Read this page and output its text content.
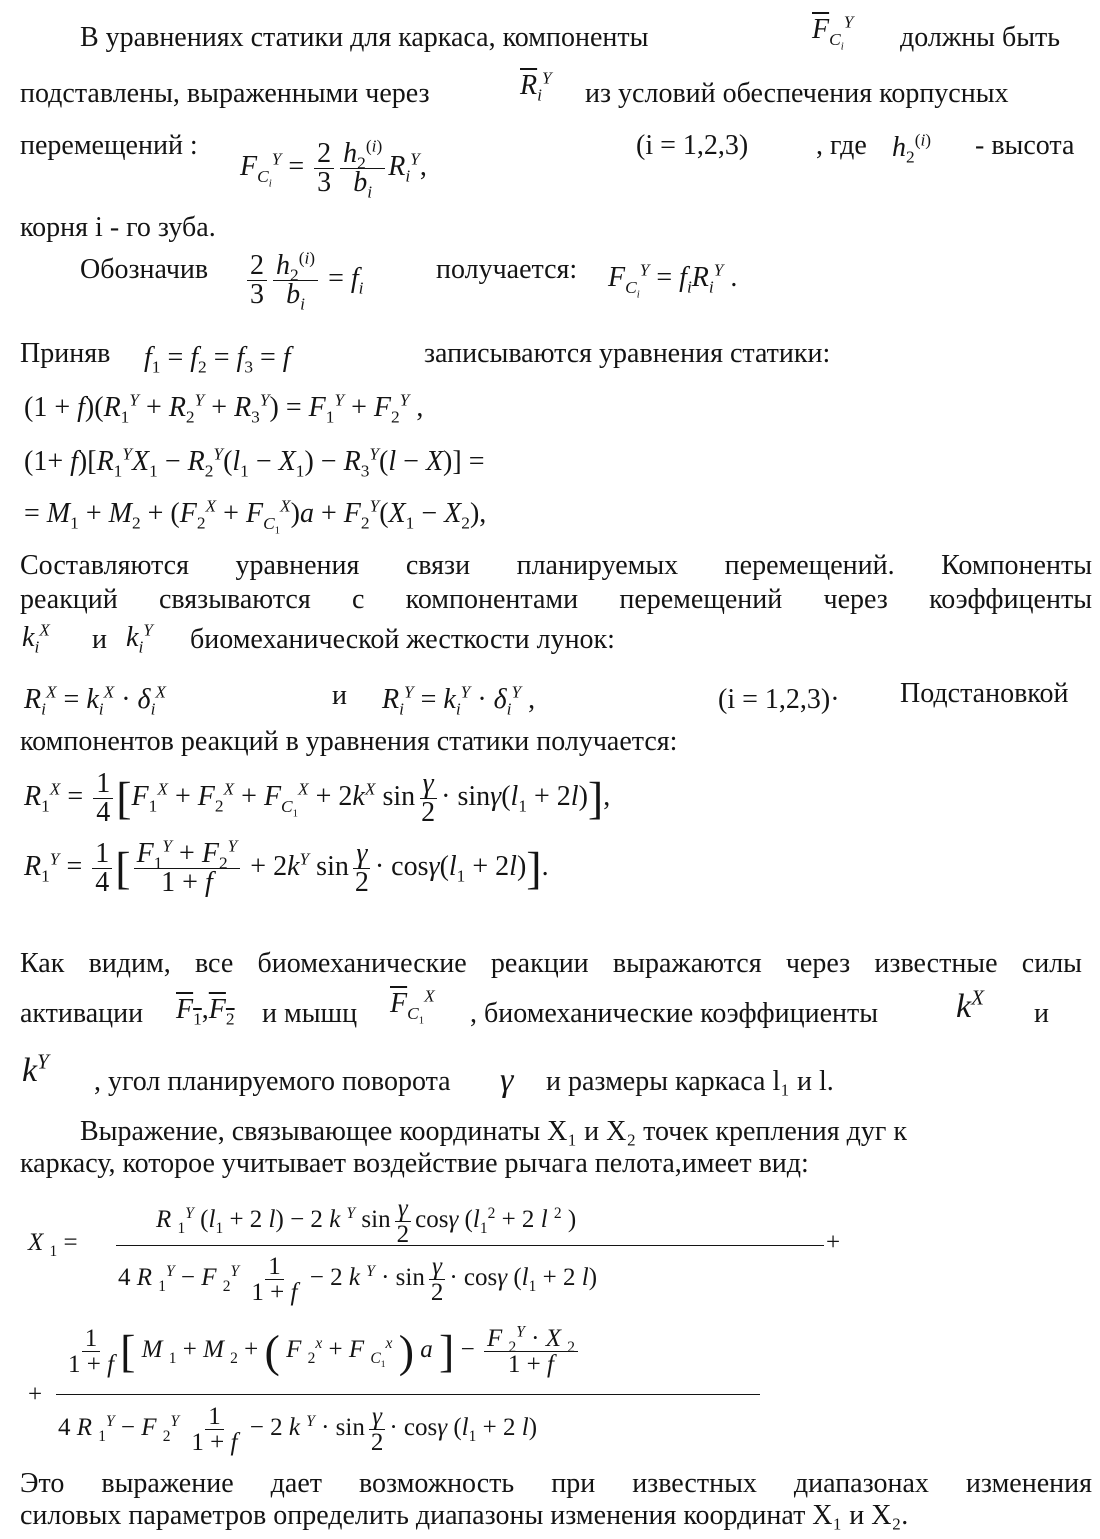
В уравнениях статики для каркаса, компоненты	$\overline{F}_{C_i}^Y$ должны быть
подставлены, выраженными через	$\overline{R}_i^Y$ из условий обеспечения корпусных
перемещений :
$F_{C_i}^Y = \frac{2}{3} \frac{h_2^{(i)}}{b_i} R_i^Y$,
(i = 1,2,3) , где $h_2^{(i)}$ - высота
корня i - го зуба.
Обозначив $\frac{2}{3} \frac{h_2^{(i)}}{b_i} = f_i$
получается: $F_{C_i}^Y = f_iR_i^Y$ .
Приняв $f_1 = f_2 = f_3 = f$	записываются уравнения статики:
$(1 + f)(R_1^Y + R_2^Y + R_3^Y) = F_1^Y + F_2^Y$ ,
$(1+ f)[R_1^YX_1 - R_2^Y(l_1 - X_1) - R_3^Y(l - X)]$ =
= $M_1 + M_2 + (F_2^X + F_{C_1}^X)a + F_2^Y(X_1 - X_2)$,
Составляются уравнения связи планируемых перемещений. Компоненты
реакций связываются с компонентами перемещений через коэффиценты
$k_i^X$ и $k_i^Y$ биомеханической жесткости лунок:
$R_i^X = k_i^X \cdot \delta_i^X$	и $R_i^Y = k_i^Y \cdot \delta_i^Y$ ,	(i = 1,2,3)· Подстановкой
компонентов реакций в уравнения статики получается:
$R_1^X = \frac{1}{4} [F_1^X + F_2^X + F_{C_1}^X + 2k^X$ $\sin \frac{\gamma}{2} \cdot \sin\gamma(l_1 + 2l)$],
$R_1^Y = \frac{1}{4}$ [ $\frac{F_1^Y + F_2^Y}{1 + f} + 2k^Y$ $\sin \frac{\gamma}{2} \cdot \cos\gamma(l_1 + 2l)$].
Как видим, все биомеханические реакции выражаются через известные силы
активации $F_1,F_2$ и мышц $\overline{F}_{C_1}^X$
, биомеханические коэффициенты $k^X$
и
$k^Y$
, угол планируемого поворота γ и размеры каркаса l₁ и l.
Выражение, связывающее координаты X₁ и X₂ точек крепления дуг к
каркасу, которое учитывает воздействие рычага пелота,имеет вид:
X $_1$ =
R $_1^Y$ ($l_1 + 2$ l) − 2 k $^Y$ $\sin \frac{\gamma}{2}$ cosγ ($l_1^2 + 2$ l $^2$ )
+
4 R $_1^Y$ − F $_2^Y \frac{1}{1 + f} - 2$ k $^Y \cdot \sin \frac{\gamma}{2} \cdot \cos\gamma$ ($l_1 + 2$ l)
$\frac{1}{1 + f}$ [ M $_1$ + M $_2$ + ( F $_2^x$ + F $_{C_1}^x$ ) a ] − $\frac{F _2^Y \cdot X _2}{1 + f}$
+
4 R $_1^Y$ − F $_2^Y \frac{1}{1 + f} - 2$ k $^Y \cdot \sin \frac{\gamma}{2} \cdot \cos\gamma$ ($l_1 + 2$ l)
Это выражение дает возможность при известных диапазонах изменения
силовых параметров определить диапазоны изменения координат X₁ и X₂.
